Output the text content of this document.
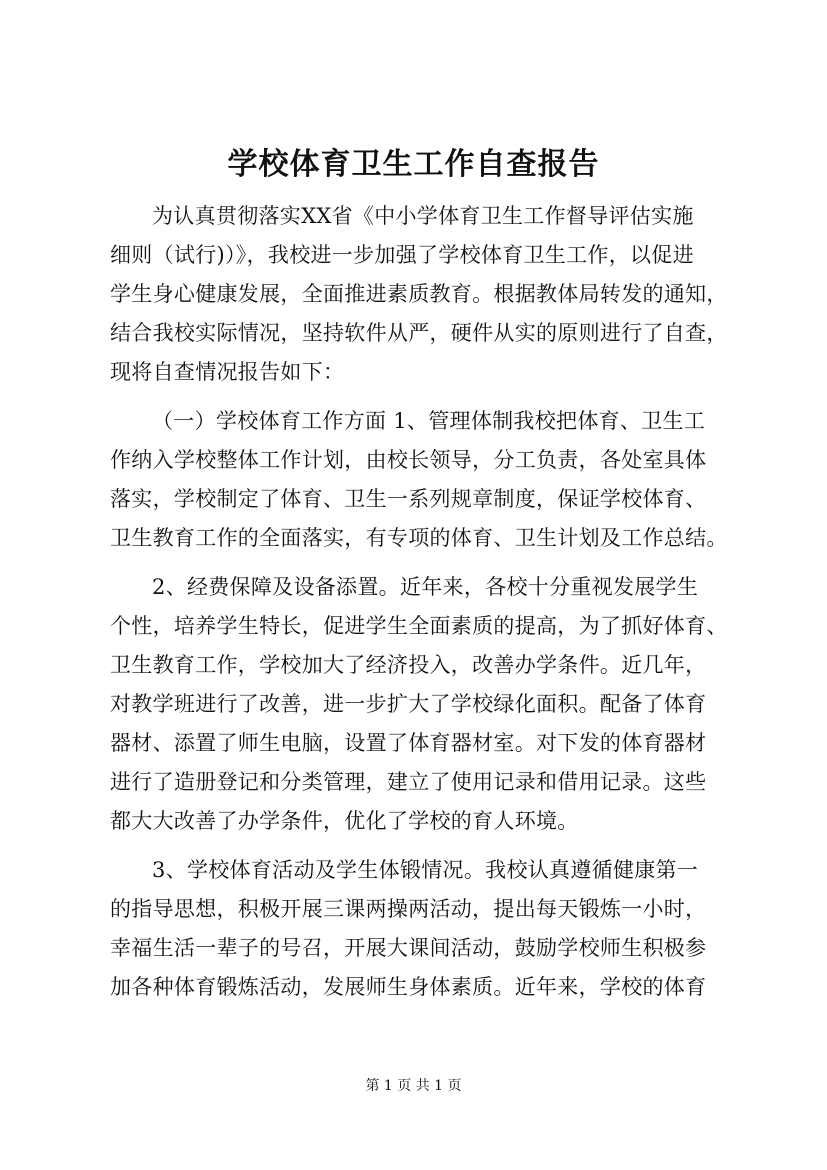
学校体育卫生工作自查报告
为认真贯彻落实XX省《中小学体育卫生工作督导评估实施
细则（试行)）》，我校进一步加强了学校体育卫生工作，以促进
学生身心健康发展，全面推进素质教育。根据教体局转发的通知，
结合我校实际情况，坚持软件从严，硬件从实的原则进行了自查，
现将自查情况报告如下：
（一）学校体育工作方面 1、管理体制我校把体育、卫生工
作纳入学校整体工作计划，由校长领导，分工负责，各处室具体
落实，学校制定了体育、卫生一系列规章制度，保证学校体育、
卫生教育工作的全面落实，有专项的体育、卫生计划及工作总结。
2、经费保障及设备添置。近年来，各校十分重视发展学生
个性，培养学生特长，促进学生全面素质的提高，为了抓好体育、
卫生教育工作，学校加大了经济投入，改善办学条件。近几年，
对教学班进行了改善，进一步扩大了学校绿化面积。配备了体育
器材、添置了师生电脑，设置了体育器材室。对下发的体育器材
进行了造册登记和分类管理，建立了使用记录和借用记录。这些
都大大改善了办学条件，优化了学校的育人环境。
3、学校体育活动及学生体锻情况。我校认真遵循健康第一
的指导思想，积极开展三课两操两活动，提出每天锻炼一小时，
幸福生活一辈子的号召，开展大课间活动，鼓励学校师生积极参
加各种体育锻炼活动，发展师生身体素质。近年来，学校的体育
第 1 页 共 1 页
